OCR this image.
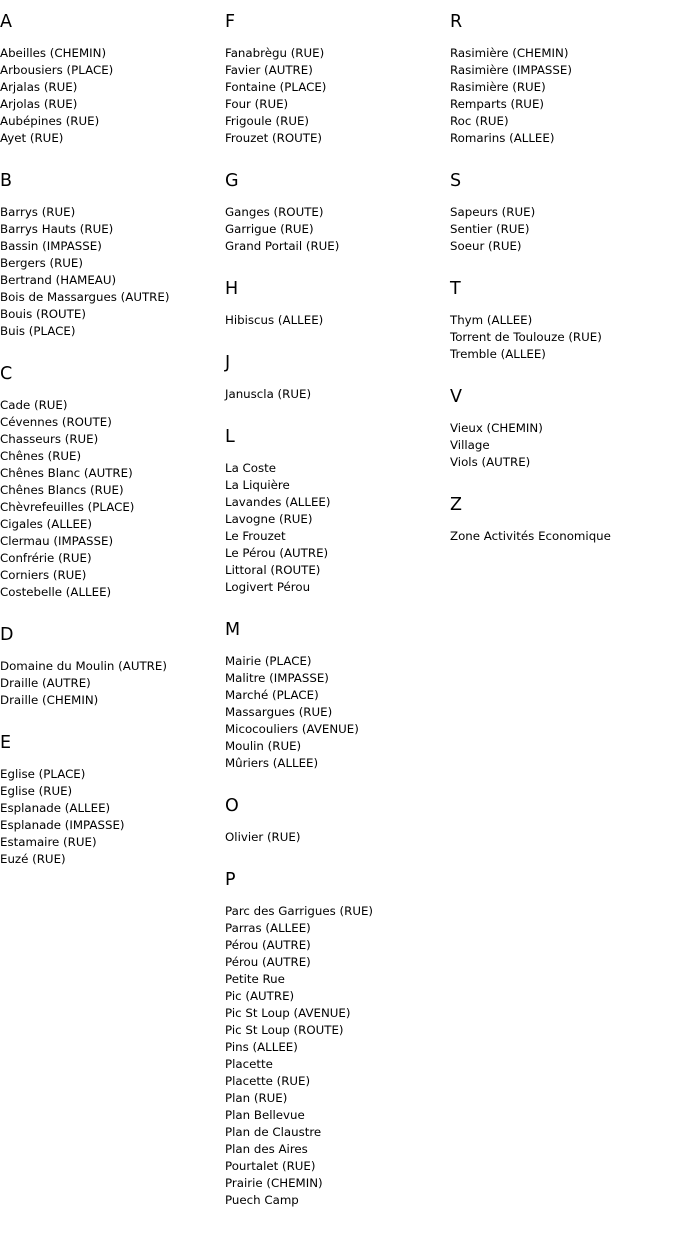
A
Abeilles (CHEMIN)
Arbousiers (PLACE)
Arjalas (RUE)
Arjolas (RUE)
Aubépines (RUE)
Ayet (RUE)
B
Barrys (RUE)
Barrys Hauts (RUE)
Bassin (IMPASSE)
Bergers (RUE)
Bertrand (HAMEAU)
Bois de Massargues (AUTRE)
Bouis (ROUTE)
Buis (PLACE)
C
Cade (RUE)
Cévennes (ROUTE)
Chasseurs (RUE)
Chênes (RUE)
Chênes Blanc (AUTRE)
Chênes Blancs (RUE)
Chèvrefeuilles (PLACE)
Cigales (ALLEE)
Clermau (IMPASSE)
Confrérie (RUE)
Corniers (RUE)
Costebelle (ALLEE)
D
Domaine du Moulin (AUTRE)
Draille (AUTRE)
Draille (CHEMIN)
E
Eglise (PLACE)
Eglise (RUE)
Esplanade (ALLEE)
Esplanade (IMPASSE)
Estamaire (RUE)
Euzé (RUE)
F
Fanabrègu (RUE)
Favier (AUTRE)
Fontaine (PLACE)
Four (RUE)
Frigoule (RUE)
Frouzet (ROUTE)
G
Ganges (ROUTE)
Garrigue (RUE)
Grand Portail (RUE)
H
Hibiscus (ALLEE)
J
Januscla (RUE)
L
La Coste
La Liquière
Lavandes (ALLEE)
Lavogne (RUE)
Le Frouzet
Le Pérou (AUTRE)
Littoral (ROUTE)
Logivert Pérou
M
Mairie (PLACE)
Malitre (IMPASSE)
Marché (PLACE)
Massargues (RUE)
Micocouliers (AVENUE)
Moulin (RUE)
Mûriers (ALLEE)
O
Olivier (RUE)
P
Parc des Garrigues (RUE)
Parras (ALLEE)
Pérou (AUTRE)
Pérou (AUTRE)
Petite Rue
Pic (AUTRE)
Pic St Loup (AVENUE)
Pic St Loup (ROUTE)
Pins (ALLEE)
Placette
Placette (RUE)
Plan (RUE)
Plan Bellevue
Plan de Claustre
Plan des Aires
Pourtalet (RUE)
Prairie (CHEMIN)
Puech Camp
R
Rasimière (CHEMIN)
Rasimière (IMPASSE)
Rasimière (RUE)
Remparts (RUE)
Roc (RUE)
Romarins (ALLEE)
S
Sapeurs (RUE)
Sentier (RUE)
Soeur (RUE)
T
Thym (ALLEE)
Torrent de Toulouze (RUE)
Tremble (ALLEE)
V
Vieux (CHEMIN)
Village
Viols (AUTRE)
Z
Zone Activités Economique
